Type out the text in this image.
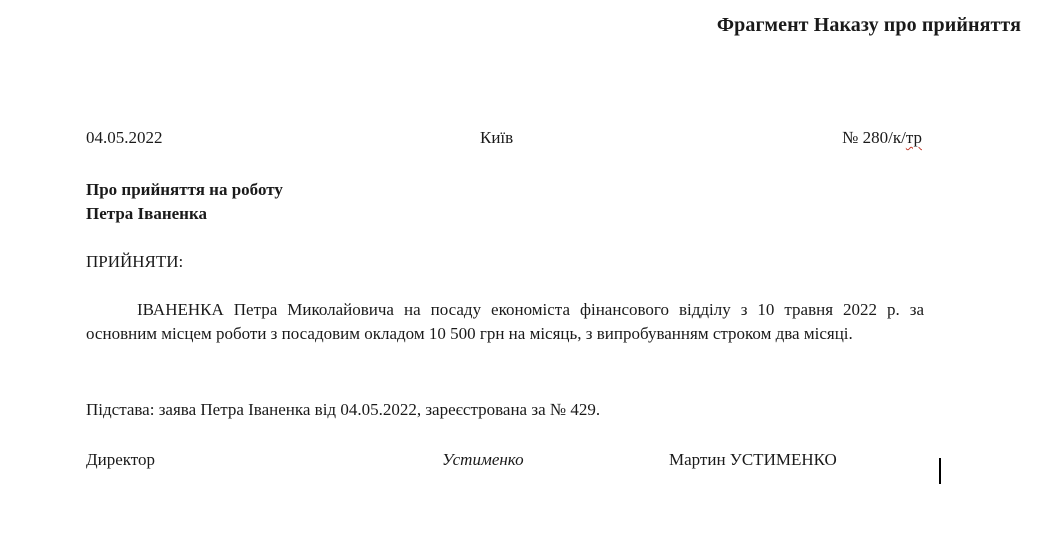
Фрагмент Наказу про прийняття
04.05.2022	Київ	№ 280/к/тр
Про прийняття на роботу
Петра Іваненка
ПРИЙНЯТИ:

ІВАНЕНКА Петра Миколайовича на посаду економіста фінансового відділу з 10 травня 2022 р. за основним місцем роботи з посадовим окладом 10 500 грн на місяць, з випробуванням строком два місяці.

Підстава: заява Петра Іваненка від 04.05.2022, зареєстрована за № 429.
Директор	Устименко	Мартин УСТИМЕНКО
